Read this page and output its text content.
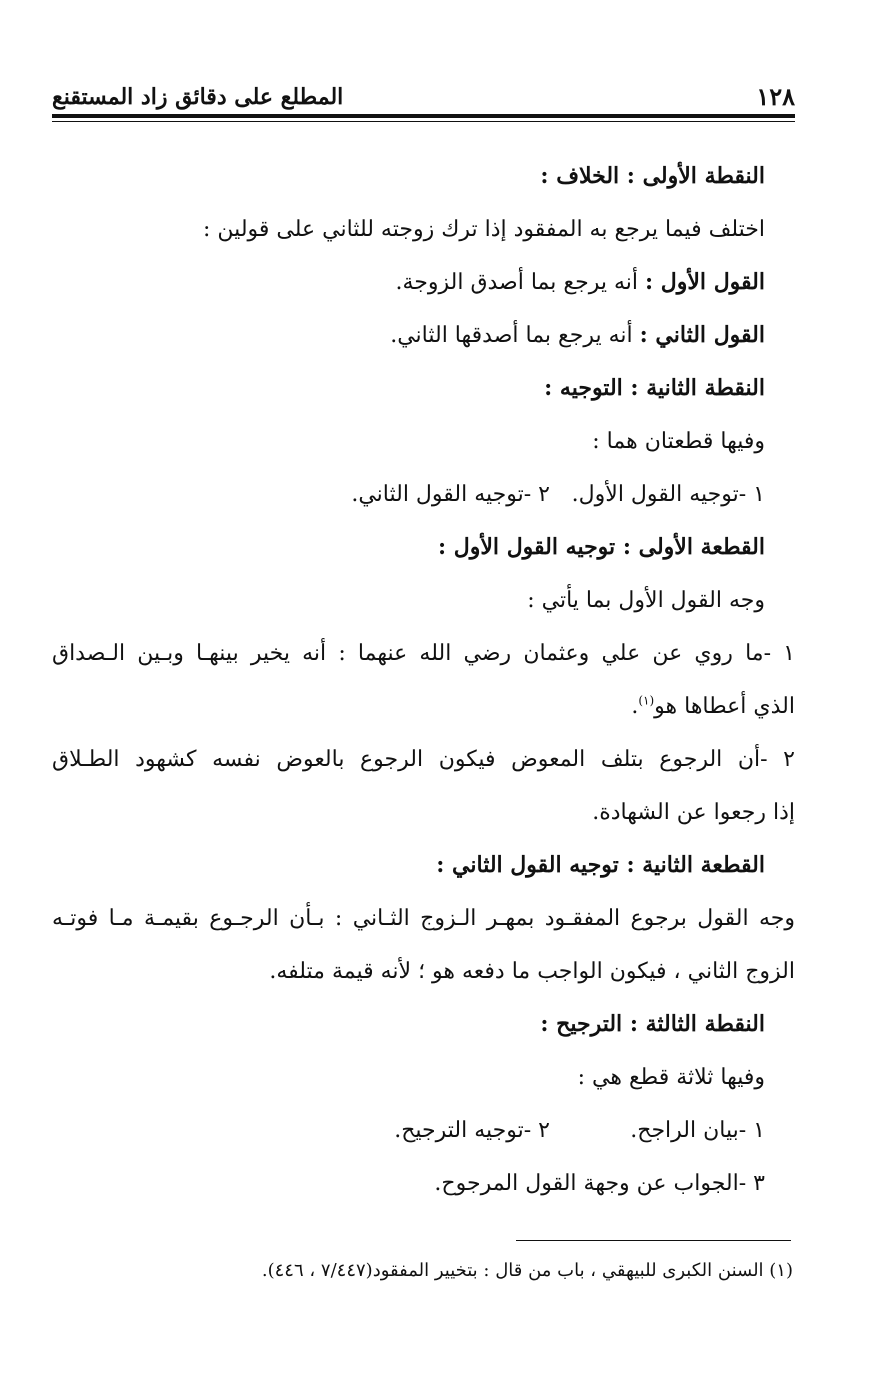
١٢٨
المطلع على دقائق زاد المستقنع
النقطة الأولى : الخلاف :
اختلف فيما يرجع به المفقود إذا ترك زوجته للثاني على قولين :
القول الأول : أنه يرجع بما أصدق الزوجة.
القول الثاني : أنه يرجع بما أصدقها الثاني.
النقطة الثانية : التوجيه :
وفيها قطعتان هما :
١ -توجيه القول الأول.
٢ -توجيه القول الثاني.
القطعة الأولى : توجيه القول الأول :
وجه القول الأول بما يأتي :
١ -ما روي عن علي وعثمان رضي الله عنهما : أنه يخير بينهـا وبـين الـصداق
الذي أعطاها هو$^{(١)}$.
٢ -أن الرجوع بتلف المعوض فيكون الرجوع بالعوض نفسه كشهود الطـلاق
إذا رجعوا عن الشهادة.
القطعة الثانية : توجيه القول الثاني :
وجه القول برجوع المفقـود بمهـر الـزوج الثـاني : بـأن الرجـوع بقيمـة مـا فوتـه
الزوج الثاني ، فيكون الواجب ما دفعه هو ؛ لأنه قيمة متلفه.
النقطة الثالثة : الترجيح :
وفيها ثلاثة قطع هي :
١ -بيان الراجح.
٢ -توجيه الترجيح.
٣ -الجواب عن وجهة القول المرجوح.
(١) السنن الكبرى للبيهقي ، باب من قال : بتخيير المفقود(٧/٤٤٧ ، ٤٤٦).
